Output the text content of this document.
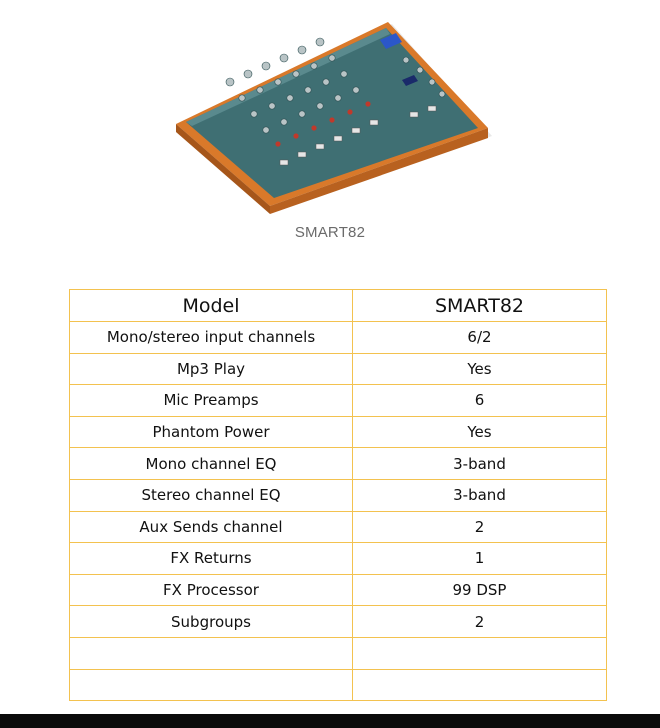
SMART82
Model	SMART82
Mono/stereo input channels	6/2
Mp3 Play	Yes
Mic Preamps	6
Phantom Power	Yes
Mono channel EQ	3-band
Stereo channel EQ	3-band
Aux Sends channel	2
FX Returns	1
FX Processor	99 DSP
Subgroups	2
